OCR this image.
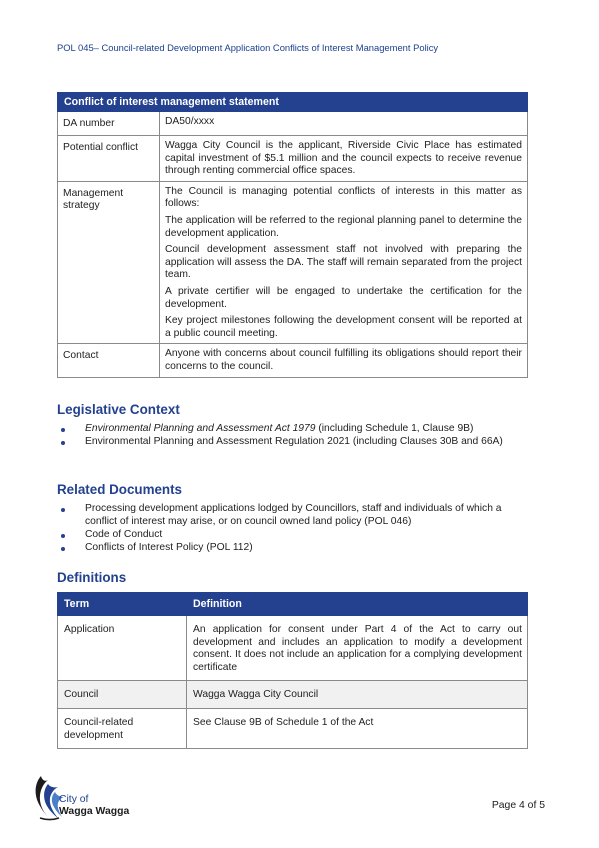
POL 045– Council-related Development Application Conflicts of Interest Management Policy
Conflict of interest management statement	
DA number	DA50/xxxx

Potential conflict	Wagga City Council is the applicant, Riverside Civic Place has estimated capital investment of $5.1 million and the council expects to receive revenue through renting commercial office spaces.

Management strategy	The Council is managing potential conflicts of interests in this matter as follows:

The application will be referred to the regional planning panel to determine the development application.

Council development assessment staff not involved with preparing the application will assess the DA. The staff will remain separated from the project team.

A private certifier will be engaged to undertake the certification for the development.

Key project milestones following the development consent will be reported at a public council meeting.

Contact	Anyone with concerns about council fulfilling its obligations should report their concerns to the council.

Legislative Context
Environmental Planning and Assessment Act 1979 (including Schedule 1, Clause 9B)
Environmental Planning and Assessment Regulation 2021 (including Clauses 30B and 66A)
Related Documents
Processing development applications lodged by Councillors, staff and individuals of which a conflict of interest may arise, or on council owned land policy (POL 046)
Code of Conduct
Conflicts of Interest Policy (POL 112)
Definitions
Term	Definition
Application	An application for consent under Part 4 of the Act to carry out development and includes an application to modify a development consent. It does not include an application for a complying development certificate
Council	Wagga Wagga City Council
Council-related development	See Clause 9B of Schedule 1 of the Act
City of
Wagga Wagga
Page 4 of 5
